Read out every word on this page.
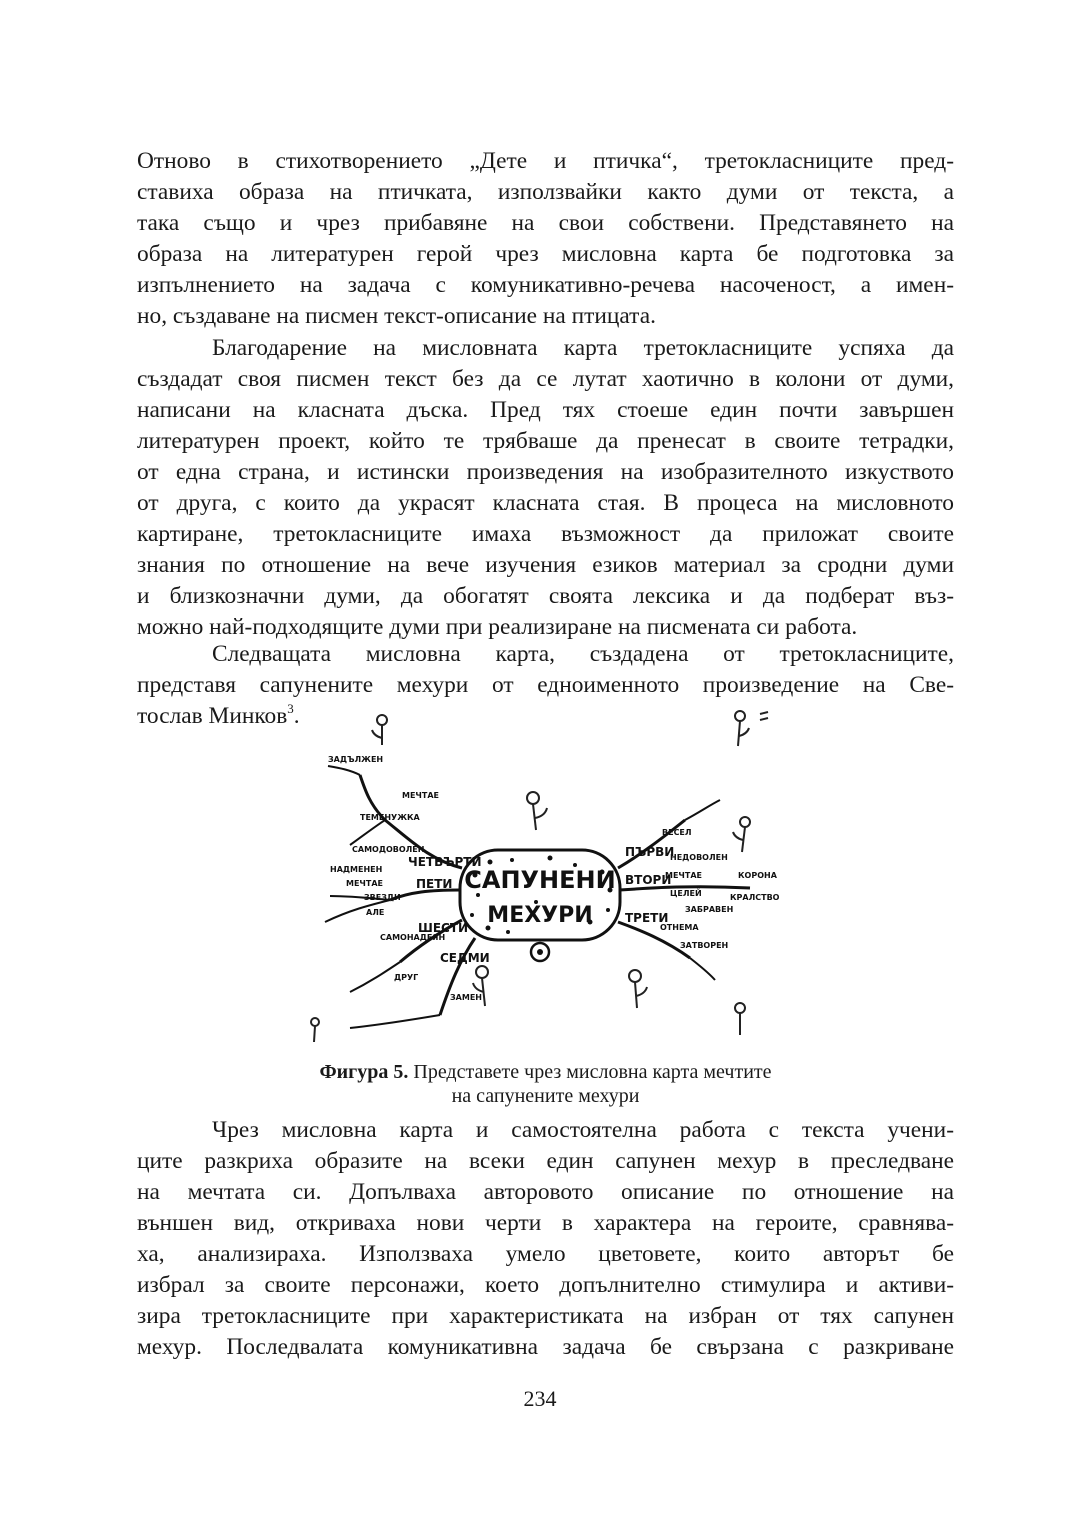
Отново в стихотворението „Дете и птичка“, третокласниците пред-
ставиха образа на птичката, използвайки както думи от текста, а
така също и чрез прибавяне на свои собствени. Представянето на
образа на литературен герой чрез мисловна карта бе подготовка за
изпълнението на задача с комуникативно-речева насоченост, а имен-
но, създаване на писмен текст-описание на птицата.
Благодарение на мисловната карта третокласниците успяха да
създадат своя писмен текст без да се лутат хаотично в колони от думи,
написани на класната дъска. Пред тях стоеше един почти завършен
литературен проект, който те трябваше да пренесат в своите тетрадки,
от една страна, и истински произведения на изобразителното изкуството
от друга, с които да украсят класната стая. В процеса на мисловното
картиране, третокласниците имаха възможност да приложат своите
знания по отношение на вече изучения езиков материал за сродни думи
и близкозначни думи, да обогатят своята лексика и да подберат въз-
можно най-подходящите думи при реализиране на писмената си работа.
Следващата мисловна карта, създадена от третокласниците,
представя сапунените мехури от едноименното произведение на Све-
тослав Минков$^3$.
САПУНЕНИ
МЕХУРИ
ЧЕТВЪРТИ
ПЕТИ
ШЕСТИ
СЕДМИ
ПЪРВИ
ВТОРИ
ТРЕТИ
ЗАДЪЛЖЕН
МЕЧТАЕ
ТЕМЕНУЖКА
САМОДОВОЛЕН
НАДМЕНЕН
МЕЧТАЕ
ЗВЕЗДИ
АЛЕ
САМОНАДЕЯН
ДРУГ
ЗАМЕН
ВЕСЕЛ
НЕДОВОЛЕН
МЕЧТАЕ
ЦЕЛЕЙ
КОРОНА
КРАЛСТВО
ЗАБРАВЕН
ОТНЕМА
ЗАТВОРЕН
Фигура 5. Представете чрез мисловна карта мечтите
на сапунените мехури
Чрез мисловна карта и самостоятелна работа с текста учени-
ците разкриха образите на всеки един сапунен мехур в преследване
на мечтата си. Допълваха авторовото описание по отношение на
външен вид, откриваха нови черти в характера на героите, сравнява-
ха, анализираха. Използваха умело цветовете, които авторът бе
избрал за своите персонажи, което допълнително стимулира и активи-
зира третокласниците при характеристиката на избран от тях сапунен
мехур. Последвалата комуникативна задача бе свързана с разкриване
234
